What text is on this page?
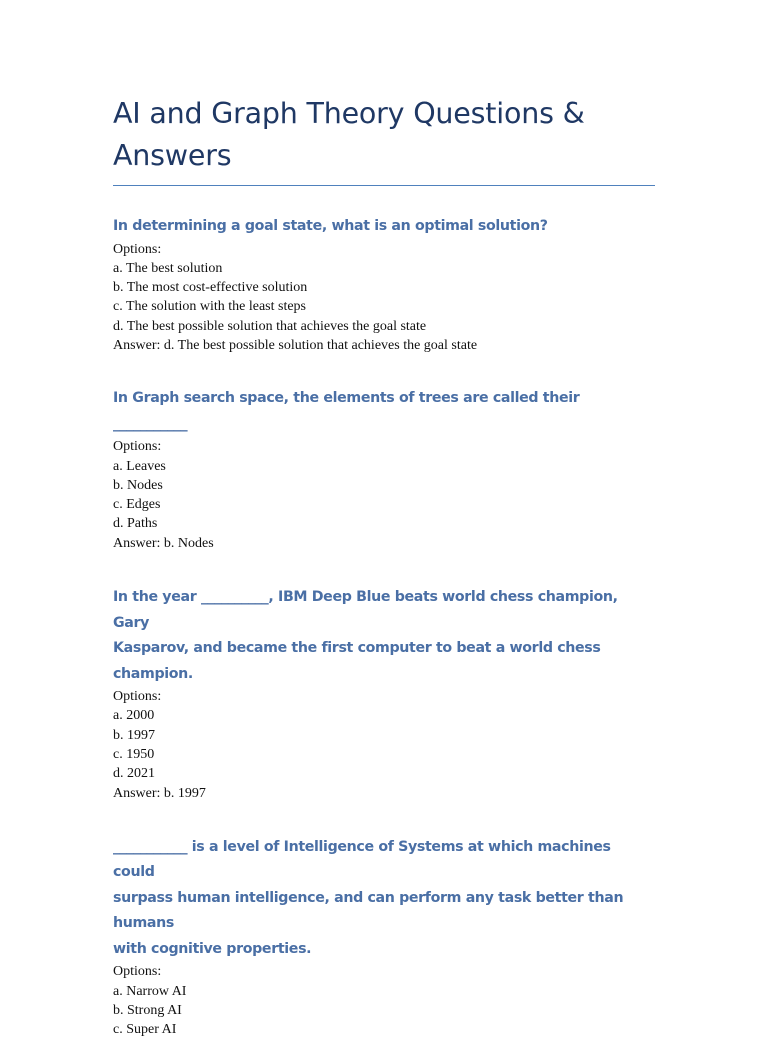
AI and Graph Theory Questions &
Answers

In determining a goal state, what is an optimal solution?

Options:

a. The best solution

b. The most cost-effective solution

c. The solution with the least steps

d. The best possible solution that achieves the goal state

Answer: d. The best possible solution that achieves the goal state

In Graph search space, the elements of trees are called their ___________

Options:

a. Leaves

b. Nodes

c. Edges

d. Paths

Answer: b. Nodes

In the year __________, IBM Deep Blue beats world chess champion, Gary
Kasparov, and became the first computer to beat a world chess champion.

Options:

a. 2000

b. 1997

c. 1950

d. 2021

Answer: b. 1997

___________ is a level of Intelligence of Systems at which machines could
surpass human intelligence, and can perform any task better than humans
with cognitive properties.

Options:

a. Narrow AI

b. Strong AI

c. Super AI
